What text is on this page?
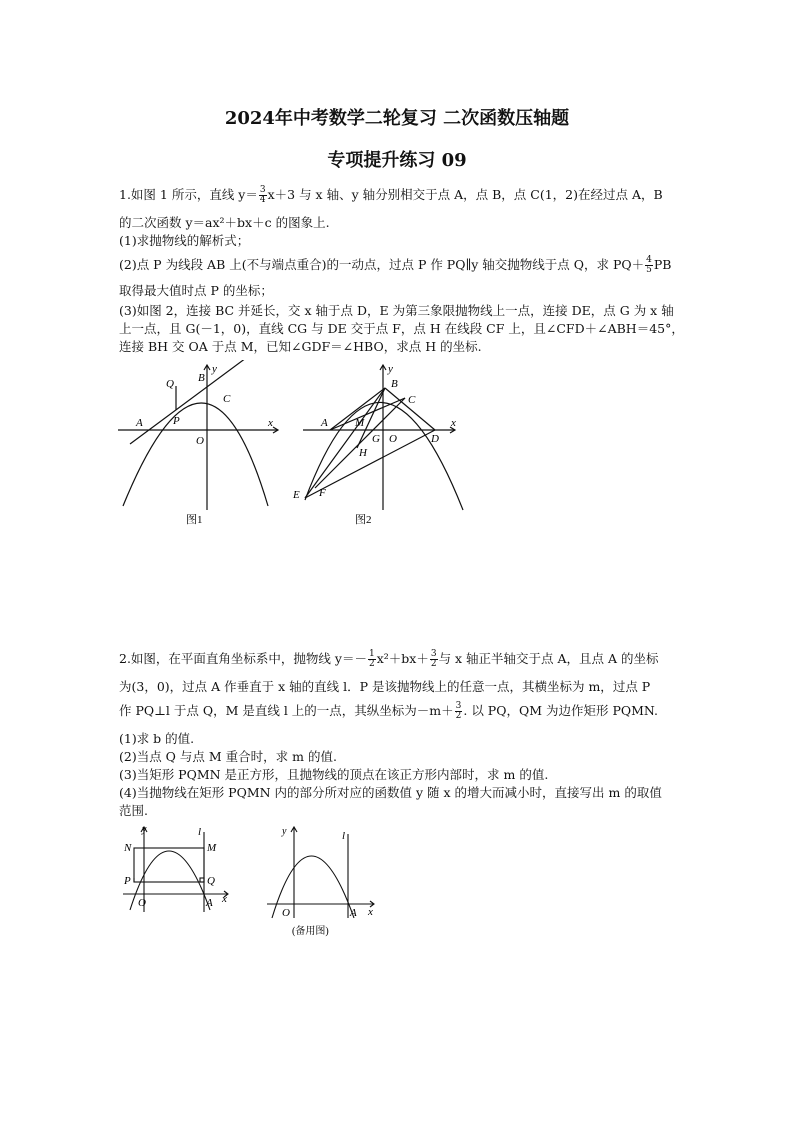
2024年中考数学二轮复习 二次函数压轴题
专项提升练习 09
1.如图 1 所示，直线 $y= \frac{3}{4} x+3$ 与 x 轴、y 轴分别相交于点 A，点 B，点 C(1，2)在经过点 A，B
的二次函数 y＝ax²＋bx＋c 的图象上.
(1)求抛物线的解析式；
(2)点 P 为线段 AB 上(不与端点重合)的一动点，过点 P 作 PQ∥y 轴交抛物线于点 Q，求 $PQ+ \frac{4}{5}$ PB
取得最大值时点 P 的坐标；
(3)如图 2，连接 BC 并延长，交 x 轴于点 D，E 为第三象限抛物线上一点，连接 DE，点 G 为 x 轴
上一点，且 G(－1，0)，直线 CG 与 DE 交于点 F，点 H 在线段 CF 上，且∠CFD＋∠ABH＝45°，
连接 BH 交 OA 于点 M，已知∠GDF＝∠HBO，求点 H 的坐标.
Q B
y
C
A	P
O
x
图1
y
B
C
A M
G O	D
x
H
E F
图2
2.如图，在平面直角坐标系中，抛物线 $y=- \frac{1}{2} x^2+bx+ \frac{3}{2}$ 与 x 轴正半轴交于点 A，且点 A 的坐标
为(3，0)，过点 A 作垂直于 x 轴的直线 l．P 是该抛物线上的任意一点，其横坐标为 m，过点 P
作 PQ⊥l 于点 Q，M 是直线 l 上的一点，其纵坐标为$-m+ \frac{3}{2}$ . 以 PQ，QM 为边作矩形 PQMN.
(1)求 b 的值.
(2)当点 Q 与点 M 重合时，求 m 的值.
(3)当矩形 PQMN 是正方形，且抛物线的顶点在该正方形内部时，求 m 的值.
(4)当抛物线在矩形 PQMN 内的部分所对应的函数值 y 随 x 的增大而减小时，直接写出 m 的取值
范围.
y	l
N	M
P	Q
O	A x
y	l
O	A x
(备用图)
